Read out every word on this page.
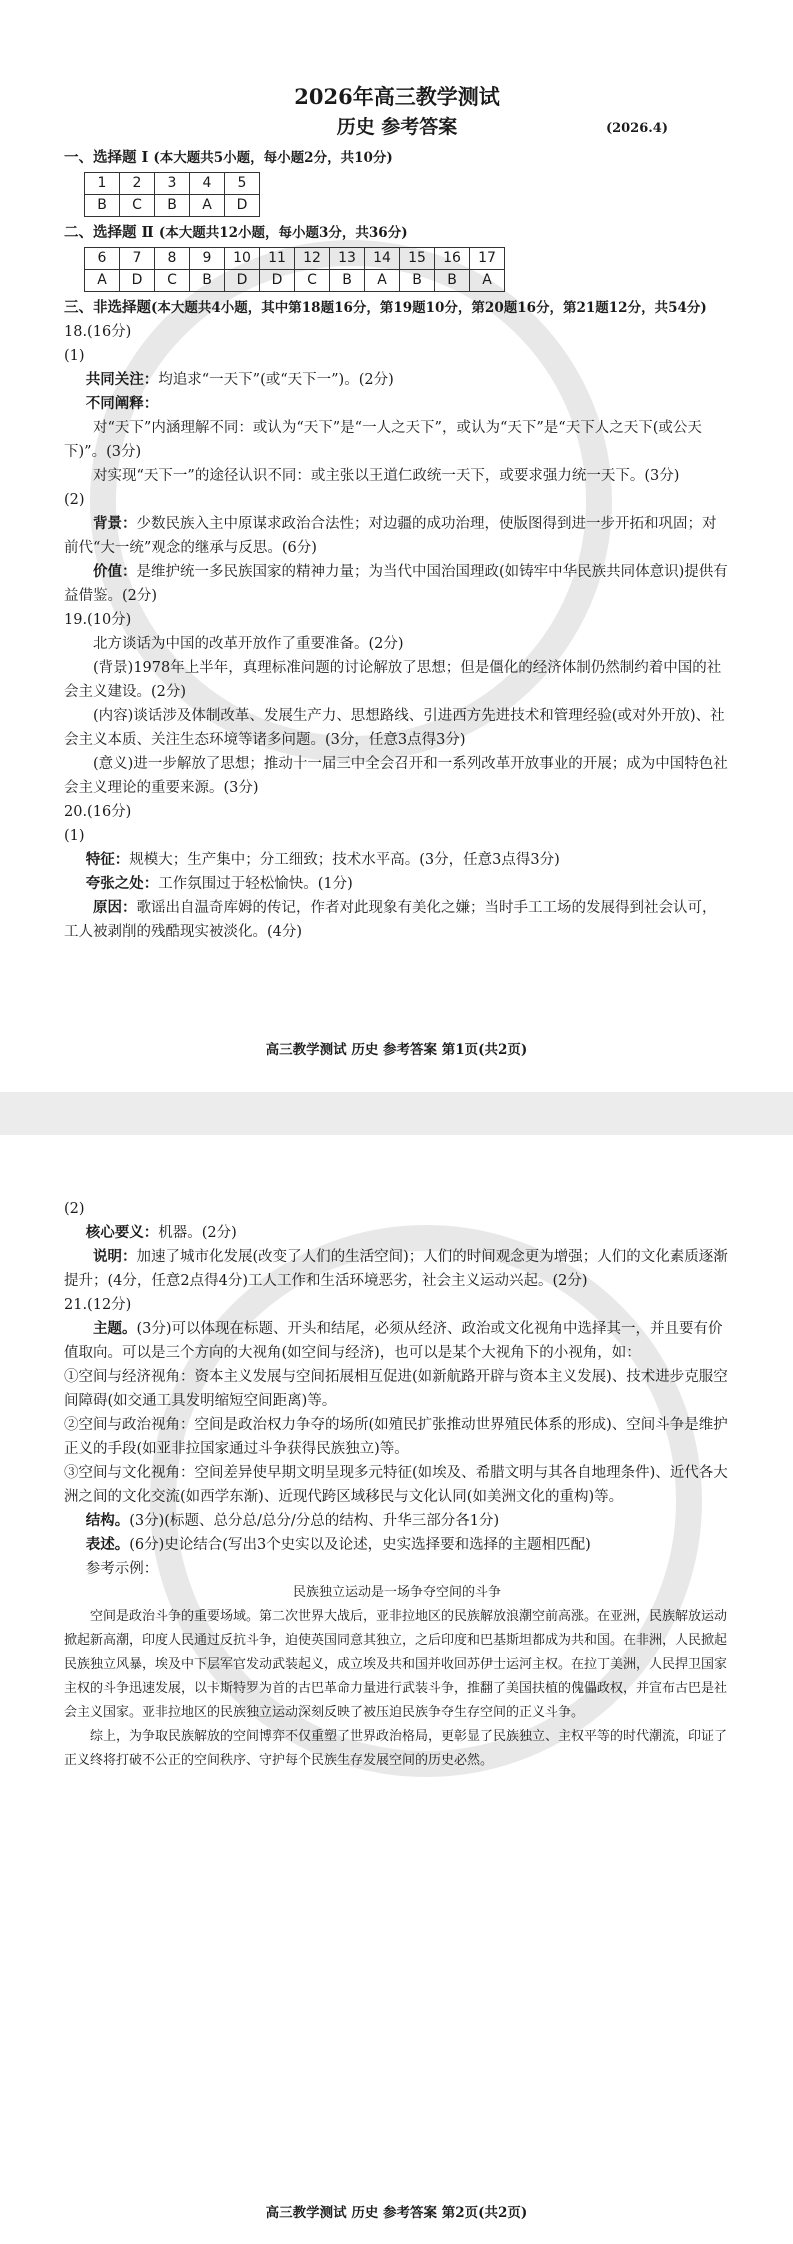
2026年高三教学测试
历史 参考答案	(2026.4)
一、选择题 Ⅰ (本大题共5小题，每小题2分，共10分)
1	2	3	4	5
B	C	B	A	D
二、选择题 Ⅱ (本大题共12小题，每小题3分，共36分)
6	7	8	9	10	11	12	13	14	15	16	17
A	D	C	B	D	D	C	B	A	B	B	A
三、非选择题(本大题共4小题，其中第18题16分，第19题10分，第20题16分，第21题12分，共54分)

18.(16分)

(1)

共同关注：均追求“一天下”(或“天下一”)。(2分)

不同阐释：

对“天下”内涵理解不同：或认为“天下”是“一人之天下”，或认为“天下”是“天下人之天下(或公天下)”。(3分)

对实现“天下一”的途径认识不同：或主张以王道仁政统一天下，或要求强力统一天下。(3分)

(2)

背景：少数民族入主中原谋求政治合法性；对边疆的成功治理，使版图得到进一步开拓和巩固；对前代“大一统”观念的继承与反思。(6分)

价值：是维护统一多民族国家的精神力量；为当代中国治国理政(如铸牢中华民族共同体意识)提供有益借鉴。(2分)

19.(10分)

北方谈话为中国的改革开放作了重要准备。(2分)

(背景)1978年上半年，真理标准问题的讨论解放了思想；但是僵化的经济体制仍然制约着中国的社会主义建设。(2分)

(内容)谈话涉及体制改革、发展生产力、思想路线、引进西方先进技术和管理经验(或对外开放)、社会主义本质、关注生态环境等诸多问题。(3分，任意3点得3分)

(意义)进一步解放了思想；推动十一届三中全会召开和一系列改革开放事业的开展；成为中国特色社会主义理论的重要来源。(3分)

20.(16分)

(1)

特征：规模大；生产集中；分工细致；技术水平高。(3分，任意3点得3分)

夸张之处：工作氛围过于轻松愉快。(1分)

原因：歌谣出自温奇库姆的传记，作者对此现象有美化之嫌；当时手工工场的发展得到社会认可，工人被剥削的残酷现实被淡化。(4分)

高三教学测试 历史 参考答案 第1页(共2页)

(2)

核心要义：机器。(2分)

说明：加速了城市化发展(改变了人们的生活空间)；人们的时间观念更为增强；人们的文化素质逐渐提升；(4分，任意2点得4分)工人工作和生活环境恶劣，社会主义运动兴起。(2分)

21.(12分)

主题。(3分)可以体现在标题、开头和结尾，必须从经济、政治或文化视角中选择其一，并且要有价值取向。可以是三个方向的大视角(如空间与经济)，也可以是某个大视角下的小视角，如：

①空间与经济视角：资本主义发展与空间拓展相互促进(如新航路开辟与资本主义发展)、技术进步克服空间障碍(如交通工具发明缩短空间距离)等。

②空间与政治视角：空间是政治权力争夺的场所(如殖民扩张推动世界殖民体系的形成)、空间斗争是维护正义的手段(如亚非拉国家通过斗争获得民族独立)等。

③空间与文化视角：空间差异使早期文明呈现多元特征(如埃及、希腊文明与其各自地理条件)、近代各大洲之间的文化交流(如西学东渐)、近现代跨区域移民与文化认同(如美洲文化的重构)等。

结构。(3分)(标题、总分总/总分/分总的结构、升华三部分各1分)

表述。(6分)史论结合(写出3个史实以及论述，史实选择要和选择的主题相匹配)

参考示例：

民族独立运动是一场争夺空间的斗争

空间是政治斗争的重要场域。第二次世界大战后，亚非拉地区的民族解放浪潮空前高涨。在亚洲，民族解放运动掀起新高潮，印度人民通过反抗斗争，迫使英国同意其独立，之后印度和巴基斯坦都成为共和国。在非洲，人民掀起民族独立风暴，埃及中下层军官发动武装起义，成立埃及共和国并收回苏伊士运河主权。在拉丁美洲，人民捍卫国家主权的斗争迅速发展，以卡斯特罗为首的古巴革命力量进行武装斗争，推翻了美国扶植的傀儡政权，并宣布古巴是社会主义国家。亚非拉地区的民族独立运动深刻反映了被压迫民族争夺生存空间的正义斗争。

综上，为争取民族解放的空间博弈不仅重塑了世界政治格局，更彰显了民族独立、主权平等的时代潮流，印证了正义终将打破不公正的空间秩序、守护每个民族生存发展空间的历史必然。

高三教学测试 历史 参考答案 第2页(共2页)
